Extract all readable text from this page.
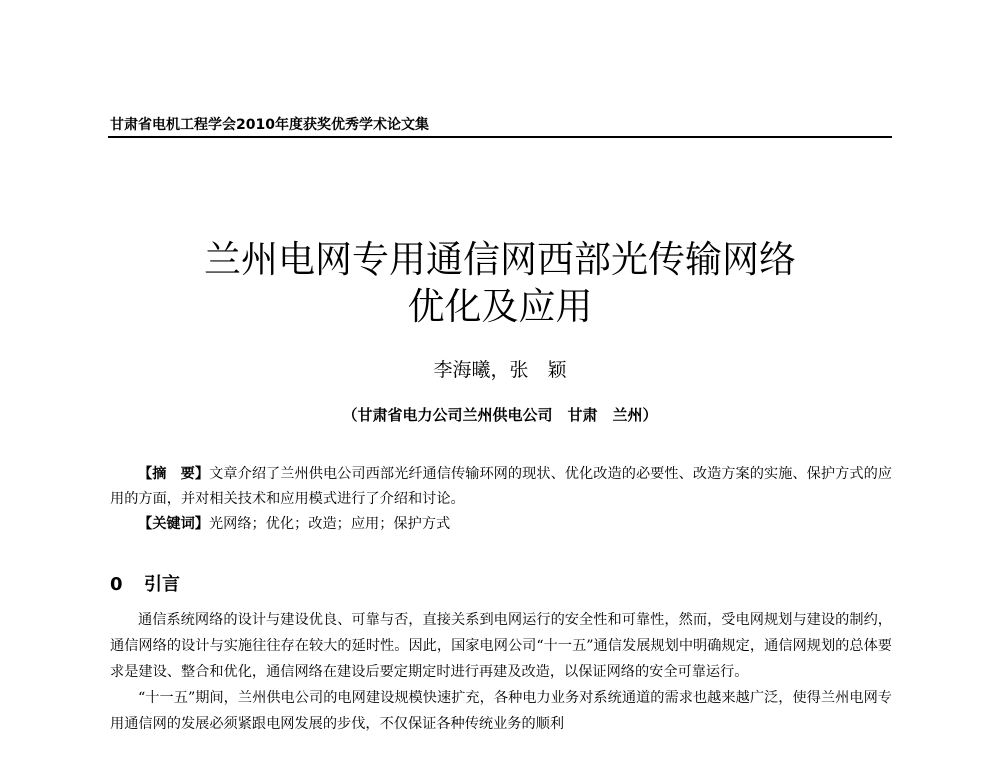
甘肃省电机工程学会2010年度获奖优秀学术论文集
兰州电网专用通信网西部光传输网络
优化及应用
李海曦，张　颖
（甘肃省电力公司兰州供电公司　甘肃　兰州）

【摘　要】文章介绍了兰州供电公司西部光纤通信传输环网的现状、优化改造的必要性、改造方案的实施、保护方式的应用的方面，并对相关技术和应用模式进行了介绍和讨论。

【关键词】光网络；优化；改造；应用；保护方式

0 引言

通信系统网络的设计与建设优良、可靠与否，直接关系到电网运行的安全性和可靠性，然而，受电网规划与建设的制约，通信网络的设计与实施往往存在较大的延时性。因此，国家电网公司“十一五”通信发展规划中明确规定，通信网规划的总体要求是建设、整合和优化，通信网络在建设后要定期定时进行再建及改造，以保证网络的安全可靠运行。

“十一五”期间，兰州供电公司的电网建设规模快速扩充，各种电力业务对系统通道的需求也越来越广泛，使得兰州电网专用通信网的发展必须紧跟电网发展的步伐，不仅保证各种传统业务的顺利
